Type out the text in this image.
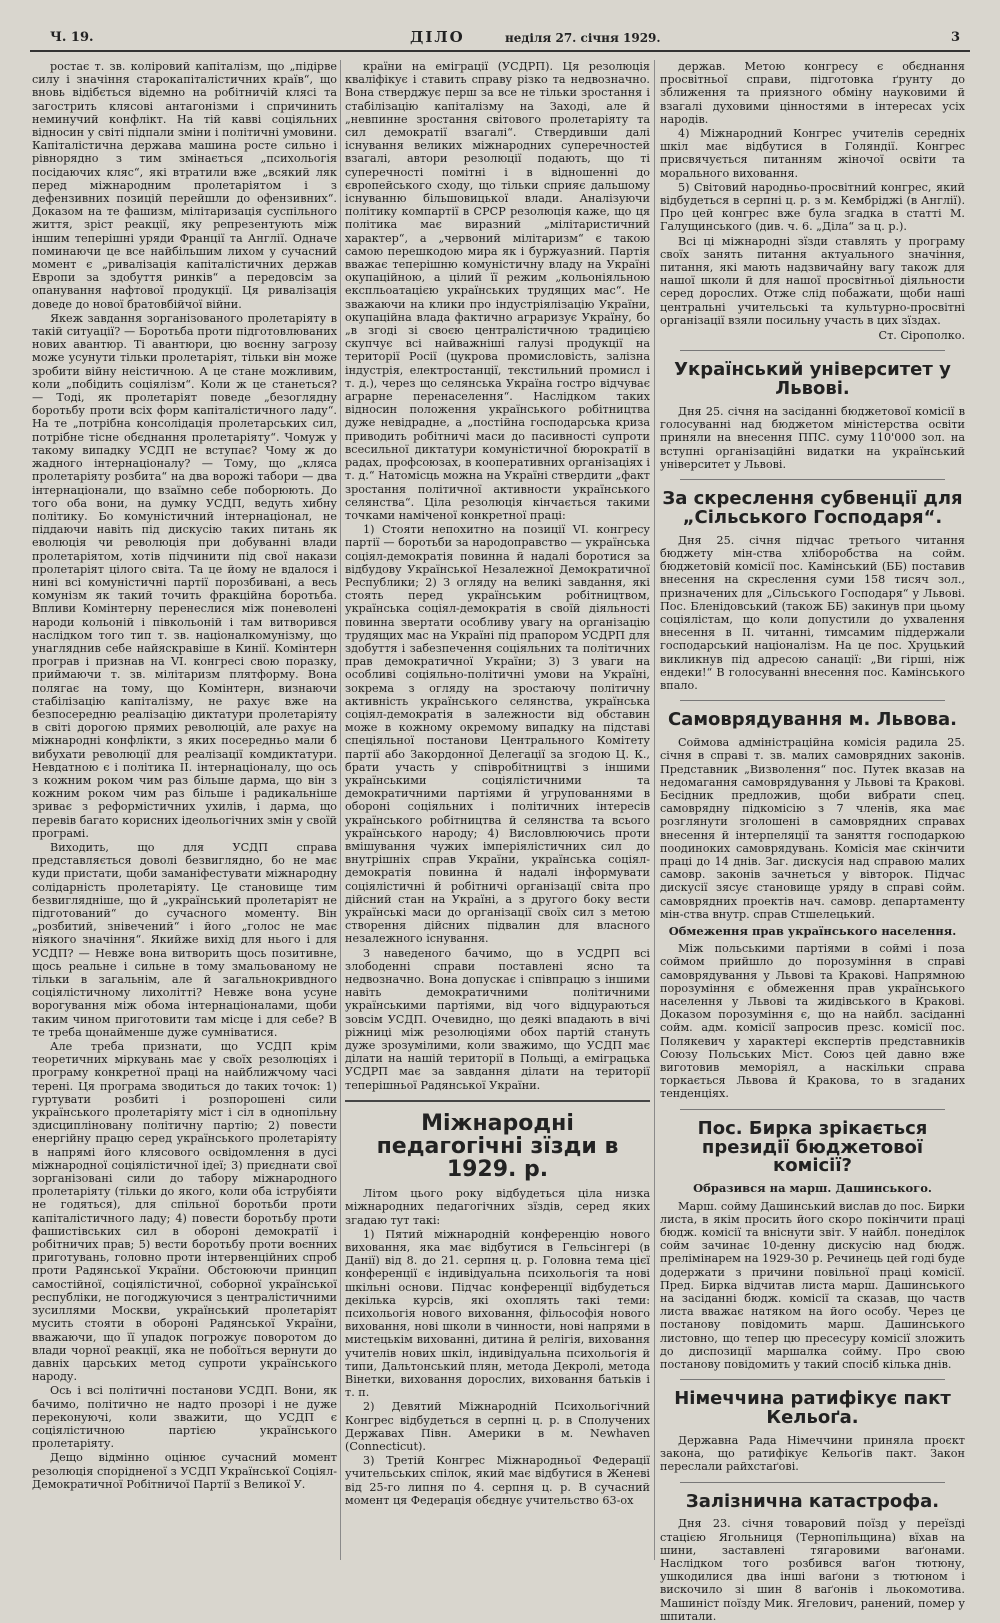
Ч. 19.	ДІЛО	неділя 27. січня 1929.	3

ростає т. зв. коліровий капіталізм, що „підірве силу і значіння старокапіталістичних країв“, що вновь відібється відемно на робітничій клясі та загострить клясові антагонізми і спричинить неминучий конфлікт. На тій кавві соціяльних відносин у світі підпали зміни і політичні умовини. Капіталістична держава машина росте сильно і рівнорядно з тим змінається „психольогія посідаючих кляс“, які втратили вже „всякий ляк перед міжнародним пролетаріятом і з дефензивних позицій перейшли до офензивних“. Доказом на те фашизм, мілітаризація суспільного життя, зріст реакції, яку репрезентують між іншим теперішні уряди Франції та Англії. Одначе поминаючи це все найбільшим лихом у сучасний момент є „ривалізація капіталістичних держав Европи за здобуття ринків“ а передовсім за опанування нафтової продукції. Ця ривалізація доведе до нової братовбійчої війни.

Якеж завдання зорганізованого пролетаріяту в такій ситуації? — Боротьба проти підготовлюваних нових авантюр. Ті авантюри, цю воєнну загрозу може усунути тільки пролетаріят, тільки він може зробити війну неістичною. А це стане можливим, коли „побідить соціялізм“. Коли ж це станеться? — Тоді, як пролетаріят поведе „безоглядну боротьбу проти всіх форм капіталістичного ладу“. На те „потрібна консолідація пролетарських сил, потрібне тісне обєднання пролетаріяту“. Чомуж у такому випадку УСДП не вступає? Чому ж до жадного інтернаціоналу? — Тому, що „кляса пролетаріяту розбита“ на два ворожі табори — два інтернаціонали, що взаїмно себе поборюють. До того оба вони, на думку УСДП, ведуть хибну політику. Бо комуністичний інтернаціонал, не піддаючи навіть під дискусію таких питань як еволюція чи революція при добуванні влади пролетаріятом, хотів підчинити під свої накази пролетаріят цілого світа. Та це йому не вдалося і нині всі комуністичні партії порозбивані, а весь комунізм як такий точить фракційна боротьба. Впливи Комінтерну перенеслися між поневолені народи кольоній і півкольоній і там витворився наслідком того тип т. зв. націоналкомунізму, що унагляднив себе найяскравіше в Кинії. Комінтерн програв і признав на VI. конгресі свою поразку, приймаючи т. зв. мілітаризм плятформу. Вона полягає на тому, що Комінтерн, визнаючи стабілізацію капіталізму, не рахує вже на безпосередню реалізацію диктатури пролетаріяту в світі дорогою прямих революцій, але рахує на міжнародні конфлікти, з яких посередньо мали б вибухати революції для реалізації комдиктатури. Невдатною є і політика II. інтернаціоналу, що ось з кожним роком чим раз більше дарма, що він з кожним роком чим раз більше і радикальніше зриває з реформістичних ухилів, і дарма, що перевів багато корисних ідеольогічних змін у своїй програмі.

Виходить, що для УСДП справа представляється доволі безвиглядно, бо не має куди пристати, щоби заманіфестувати міжнародну солідарність пролетаріяту. Це становище тим безвиглядніше, що й „український пролетаріят не підготований“ до сучасного моменту. Він „розбитий, знівечений“ і його „голос не має ніякого значіння“. Якийже вихід для нього і для УСДП? — Невже вона витворить щось позитивне, щось реальне і сильне в тому змальованому не тільки в загальнім, але й загальнокривдного соціялістичному лихолітті? Невже вона усуне ворогування між обома інтернаціоналами, щоби таким чином приготовити там місце і для себе? В те треба щонайменше дуже сумніватися.

Але треба признати, що УСДП крім теоретичних міркувань має у своїх резолюціях і програму конкретної праці на найближчому часі терені. Ця програма зводиться до таких точок: 1) гуртувати розбиті і розпорошені сили українського пролетаріяту міст і сіл в однопільну здисципліновану політичну партію; 2) повести енергійну працю серед українського пролетаріяту в напрямі його клясового освідомлення в дусі міжнародної соціялістичної ідеї; 3) приєднати свої зорганізовані сили до табору міжнародного пролетаріяту (тільки до якого, коли оба іструбіяти не годяться), для спільної боротьби проти капіталістичного ладу; 4) повести боротьбу проти фашистівських сил в обороні демократії і робітничих прав; 5) вести боротьбу проти воєнних приготувань, головно проти інтервенційних спроб проти Радянської України. Обстоюючи принцип самостійної, соціялістичної, соборної української республіки, не погоджуючися з централістичними зусиллями Москви, український пролетаріят мусить стояти в обороні Радянської України, вважаючи, що її упадок погрожує поворотом до влади чорної реакції, яка не побоїться вернути до давніх царських метод супроти українського народу.

Ось і всі політичні постанови УСДП. Вони, як бачимо, політично не надто прозорі і не дуже переконуючі, коли зважити, що УСДП є соціялістичною партією українського пролетаріяту.

Дещо відмінно оцінює сучасний момент резолюція спорідненої з УСДП Української Соціял-Демократичної Робітничої Партії з Великої У.

країни на еміграції (УСДРП). Ця резолюція кваліфікує і ставить справу різко та недвозначно. Вона стверджує перш за все не тільки зростання і стабілізацію капіталізму на Заході, але й „невпинне зростання світового пролетаріяту та сил демократії взагалі“. Ствердивши далі існування великих міжнародних суперечностей взагалі, автори резолюції подають, що ті суперечності помітні і в відношенні до європейського сходу, що тільки сприяє дальшому існуванню більшовицької влади. Аналізуючи політику компартії в СРСР резолюція каже, що ця політика має виразний „мілітаристичний характер“, а „червоний мілітаризм“ є такою самою перешкодою мира як і буржуазний. Партія вважає теперішню комуністичну владу на Україні окупаційною, а цілий її режим „кольоніяльною експльоатацією українських трудящих мас“. Не зважаючи на клики про індустріялізацію України, окупаційна влада фактично аграризує Україну, бо „в згоді зі своєю централістичною традицією скупчує всі найважніші галузі продукції на території Росії (цукрова промисловість, залізна індустрія, електростанції, текстильний промисл і т. д.), через що селянська Україна гостро відчуває аграрне перенаселення“. Наслідком таких відносин положення українського робітництва дуже невідрадне, а „постійна господарська криза приводить робітничі маси до пасивності супроти всесильної диктатури комуністичної бюрократії в радах, профсоюзах, в кооперативних організаціях і т. д.“ Натомісць можна на Україні ствердити „факт зростання політичної активности українського селянства“. Ціла резолюція кінчається такими точками наміченої конкретної праці:

1) Стояти непохитно на позиції VI. конгресу партії — боротьби за народоправство — українська соціял-демократія повинна й надалі боротися за відбудову Української Незалежної Демократичної Республики; 2) З огляду на великі завдання, які стоять перед українським робітництвом, українська соціял-демократія в своїй діяльності повинна звертати особливу увагу на організацію трудящих мас на Україні під прапором УСДРП для здобуття і забезпечення соціяльних та політичних прав демократичної України; 3) З уваги на особливі соціяльно-політичні умови на Україні, зокрема з огляду на зростаючу політичну активність українського селянства, українська соціял-демократія в залежности від обставин може в кожному окремому випадку на підставі спеціяльної постанови Центрального Комітету партії або Закордонної Делегації за згодою Ц. К., брати участь у співробітництві з іншими українськими соціялістичними та демократичними партіями й угрупованнями в обороні соціяльних і політичних інтересів українського робітництва й селянства та всього українського народу; 4) Висловлюючись проти вмішування чужих імперіялістичних сил до внутрішніх справ України, українська соціял-демократія повинна й надалі інформувати соціялістичні й робітничі організації світа про дійсний стан на Україні, а з другого боку вести українські маси до організації своїх сил з метою створення дійсних підвалин для власного незалежного існування.

З наведеного бачимо, що в УСДРП всі злободенні справи поставлені ясно та недвозначно. Вона допускає і співпрацю з іншими навіть демократичними політичними українськими партіями, від чого відцураються зовсім УСДП. Очевидно, що деякі впадають в вічі ріжниці між резолюціями обох партій стануть дуже зрозумілими, коли зважимо, що УСДП має ділати на нашій території в Польщі, а еміграцька УСДРП має за завдання ділати на території теперішньої Радянської України.

Міжнародні педагогічні зїзди в 1929. р.

Літом цього року відбудеться ціла низка міжнародних педагогічних зїздів, серед яких згадаю тут такі:

1) Пятий міжнародній конференцію нового виховання, яка має відбутися в Гельсінгері (в Данії) від 8. до 21. серпня ц. р. Головна тема цієї конференції є індивідуальна психольогія та нові шкільні основи. Підчас конференції відбудеться декілька курсів, які охоплять такі теми: психольогія нового виховання, фільософія нового виховання, нові школи в чинности, нові напрями в мистецькім вихованні, дитина й релігія, виховання учителів нових шкіл, індивідуальна психольогія й типи, Дальтонський плян, метода Декролі, метода Вінетки, виховання дорослих, виховання батьків і т. п.

2) Девятий Міжнародній Психольогічний Конгрес відбудеться в серпні ц. р. в Сполучених Державах Півн. Америки в м. Newhaven (Connecticut).

3) Третій Конгрес Міжнародньої Федерації учительських спілок, який має відбутися в Женеві від 25-го липня по 4. серпня ц. р. В сучасний момент ця Федерація обєднує учительство 63-ох

держав. Метою конгресу є обєднання просвітньої справи, підготовка ґрунту до зближення та приязного обміну науковими й взагалі духовими цінностями в інтересах усіх народів.

4) Міжнародний Конгрес учителів середніх шкіл має відбутися в Голяндії. Конгрес присвячується питанням жіночої освіти та морального виховання.

5) Світовий народньо-просвітний конгрес, який відбудеться в серпні ц. р. з м. Кембріджі (в Англії). Про цей конгрес вже була згадка в статті М. Галущинського (див. ч. 6. „Діла“ за ц. р.).

Всі ці міжнародні зїзди ставлять у програму своїх занять питання актуального значіння, питання, які мають надзвичайну вагу також для нашої школи й для нашої просвітньої діяльности серед дорослих. Отже слід побажати, щоби наші центральні учительські та культурно-просвітні організації взяли посильну участь в цих зїздах.

Ст. Сірополко.
Український університет у Львові.

Дня 25. січня на засіданні бюджетової комісії в голосуванні над бюджетом міністерства освіти приняли на внесення ППС. суму 110'000 зол. на вступні організаційні видатки на український університет у Львові.

За скреслення субвенції для „Сільського Господаря“.

Дня 25. січня підчас третього читання бюджету мін-ства хліборобства на сойм. бюджетовій комісії пос. Камінський (ББ) поставив внесення на скреслення суми 158 тисяч зол., призначених для „Сільського Господаря“ у Львові. Пос. Бленідовський (також ББ) закинув при цьому соціялістам, що коли допустили до ухвалення внесення в II. читанні, тимсамим піддержали господарський націоналізм. На це пос. Хруцький викликнув під адресою санації: „Ви гірші, ніж ендеки!“ В голосуванні внесення пос. Камінського впало.

Самоврядування м. Львова.

Соймова адміністраційна комісія радила 25. січня в справі т. зв. малих самоврядних законів. Представник „Визволення“ пос. Путек вказав на недомагання самоврядування у Львові та Кракові. Бесідник предложив, щоби вибрати спец. самоврядну підкомісію з 7 членів, яка має розглянути зголошені в самоврядних справах внесення й інтерпеляції та заняття господаркою поодиноких самоврядувань. Комісія має скінчити праці до 14 днів. Заг. дискусія над справою малих самовр. законів зачнеться у вівторок. Підчас дискусії зясує становище уряду в справі сойм. самоврядних проектів нач. самовр. департаменту мін-ства внутр. справ Стшелецький.

Обмеження прав українського населення.

Між польськими партіями в соймі і поза соймом прийшло до порозуміння в справі самоврядування у Львові та Кракові. Напрямною порозуміння є обмеження прав українського населення у Львові та жидівського в Кракові. Доказом порозуміння є, що на найбл. засіданні сойм. адм. комісії запросив презс. комісії пос. Полякевич у характері експертів представників Союзу Польських Міст. Союз цей давно вже виготовив меморіял, а наскільки справа торкається Львова й Кракова, то в згаданих тенденціях.

Пос. Бирка зрікається президії бюджетової комісії?
Образився на марш. Дашинського.

Марш. сойму Дашинський вислав до пос. Бирки листа, в якім просить його скоро покінчити праці бюдж. комісії та вніснути звіт. У найбл. понеділок сойм зачинає 10-денну дискусію над бюдж. прелімінарем на 1929-30 р. Речинець цей годі буде додержати з причини повільної праці комісії. Пред. Бирка відчитав листа марш. Дашинського на засіданні бюдж. комісії та сказав, що частв листа вважає натяком на його особу. Через це постанову повідомить марш. Дашинського листовно, що тепер цю пресесуру комісії зложить до диспозиції маршалка сойму. Про свою постанову повідомить у такий спосіб кілька днів.

Німеччина ратифікує пакт Кельоґа.

Державна Рада Німеччини приняла проєкт закона, що ратифікує Кельоґів пакт. Закон переслали райхстаґові.

Залізнична катастрофа.

Дня 23. січня товаровий поїзд у переїзді стацією Ягольниця (Тернопільщина) вїхав на шини, заставлені тягаровими ваґонами. Наслідком того розбився ваґон тютюну, ушкодилися два інші ваґони з тютюном і вискочило зі шин 8 ваґонів і льокомотива. Машиніст поїзду Мик. Ягелович, ранений, помер у шпитали.
